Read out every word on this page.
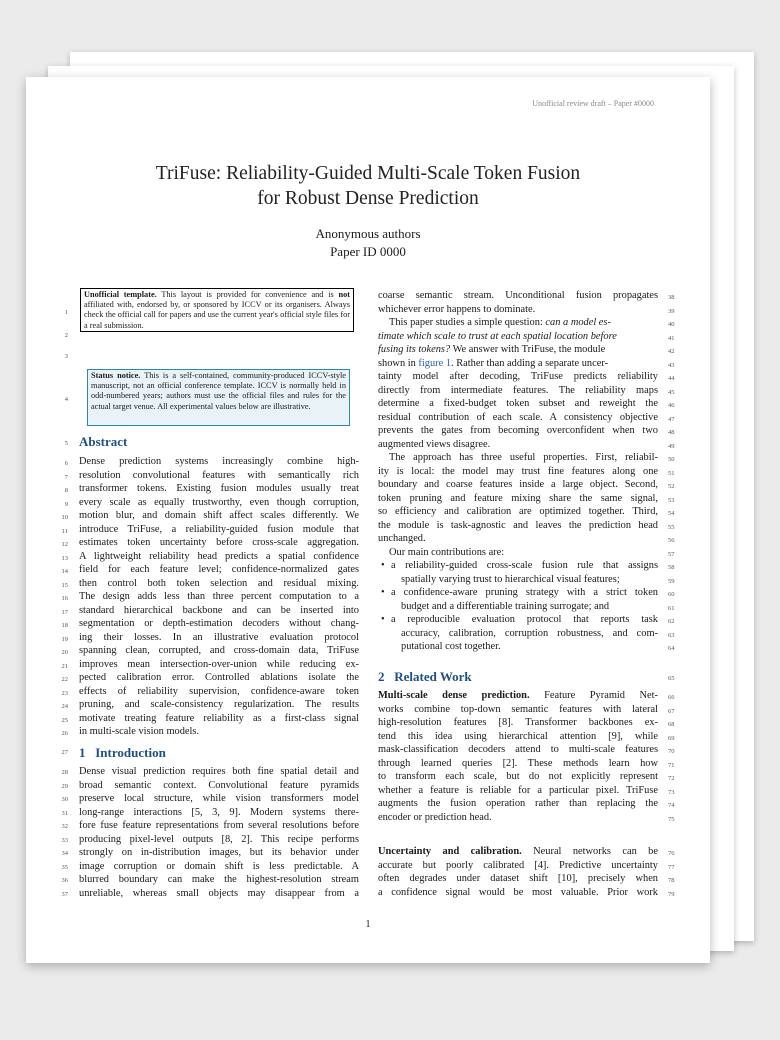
Unofficial review draft – Paper #0000
TriFuse: Reliability-Guided Multi-Scale Token Fusion
for Robust Dense Prediction
Anonymous authors
Paper ID 0000
1
2
3
4
5
6
7
8
9
10
11
12
13
14
15
16
17
18
19
20
21
22
23
24
25
26
27
28
29
30
31
32
33
34
35
36
37
38
39
40
41
42
43
44
45
46
47
48
49
50
51
52
53
54
55
56
57
58
59
60
61
62
63
64
65
66
67
68
69
70
71
72
73
74
75
76
77
78
79
Unofficial template. This layout is provided for convenience and is not affiliated with, endorsed by, or sponsored by ICCV or its organisers. Always check the official call for papers and use the current year's official style files for a real submission.
Status notice. This is a self-contained, community-produced ICCV-style manuscript, not an official conference template. ICCV is normally held in odd-numbered years; authors must use the official files and rules for the actual target venue. All experimental values below are illustrative.
Abstract
Dense prediction systems increasingly combine high-
resolution convolutional features with semantically rich
transformer tokens. Existing fusion modules usually treat
every scale as equally trustworthy, even though corruption,
motion blur, and domain shift affect scales differently. We
introduce TriFuse, a reliability-guided fusion module that
estimates token uncertainty before cross-scale aggregation.
A lightweight reliability head predicts a spatial confidence
field for each feature level; confidence-normalized gates
then control both token selection and residual mixing.
The design adds less than three percent computation to a
standard hierarchical backbone and can be inserted into
segmentation or depth-estimation decoders without chang-
ing their losses. In an illustrative evaluation protocol
spanning clean, corrupted, and cross-domain data, TriFuse
improves mean intersection-over-union while reducing ex-
pected calibration error. Controlled ablations isolate the
effects of reliability supervision, confidence-aware token
pruning, and scale-consistency regularization. The results
motivate treating feature reliability as a first-class signal
in multi-scale vision models.
1 Introduction
Dense visual prediction requires both fine spatial detail and
broad semantic context. Convolutional feature pyramids
preserve local structure, while vision transformers model
long-range interactions [5, 3, 9]. Modern systems there-
fore fuse feature representations from several resolutions before
producing pixel-level outputs [8, 2]. This recipe performs
strongly on in-distribution images, but its behavior under
image corruption or domain shift is less predictable. A
blurred boundary can make the highest-resolution stream
unreliable, whereas small objects may disappear from a
coarse semantic stream. Unconditional fusion propagates
whichever error happens to dominate.
This paper studies a simple question: can a model es-
timate which scale to trust at each spatial location before
fusing its tokens? We answer with TriFuse, the module
shown in figure 1. Rather than adding a separate uncer-
tainty model after decoding, TriFuse predicts reliability
directly from intermediate features. The reliability maps
determine a fixed-budget token subset and reweight the
residual contribution of each scale. A consistency objective
prevents the gates from becoming overconfident when two
augmented views disagree.
The approach has three useful properties. First, reliabil-
ity is local: the model may trust fine features along one
boundary and coarse features inside a large object. Second,
token pruning and feature mixing share the same signal,
so efficiency and calibration are optimized together. Third,
the module is task-agnostic and leaves the prediction head
unchanged.
Our main contributions are:
• a reliability-guided cross-scale fusion rule that assigns
spatially varying trust to hierarchical visual features;
• a confidence-aware pruning strategy with a strict token
budget and a differentiable training surrogate; and
• a reproducible evaluation protocol that reports task
accuracy, calibration, corruption robustness, and com-
putational cost together.
2 Related Work
Multi-scale dense prediction. Feature Pyramid Net-
works combine top-down semantic features with lateral
high-resolution features [8]. Transformer backbones ex-
tend this idea using hierarchical attention [9], while
mask-classification decoders attend to multi-scale features
through learned queries [2]. These methods learn how
to transform each scale, but do not explicitly represent
whether a feature is reliable for a particular pixel. TriFuse
augments the fusion operation rather than replacing the
encoder or prediction head.
Uncertainty and calibration. Neural networks can be
accurate but poorly calibrated [4]. Predictive uncertainty
often degrades under dataset shift [10], precisely when
a confidence signal would be most valuable. Prior work
1
